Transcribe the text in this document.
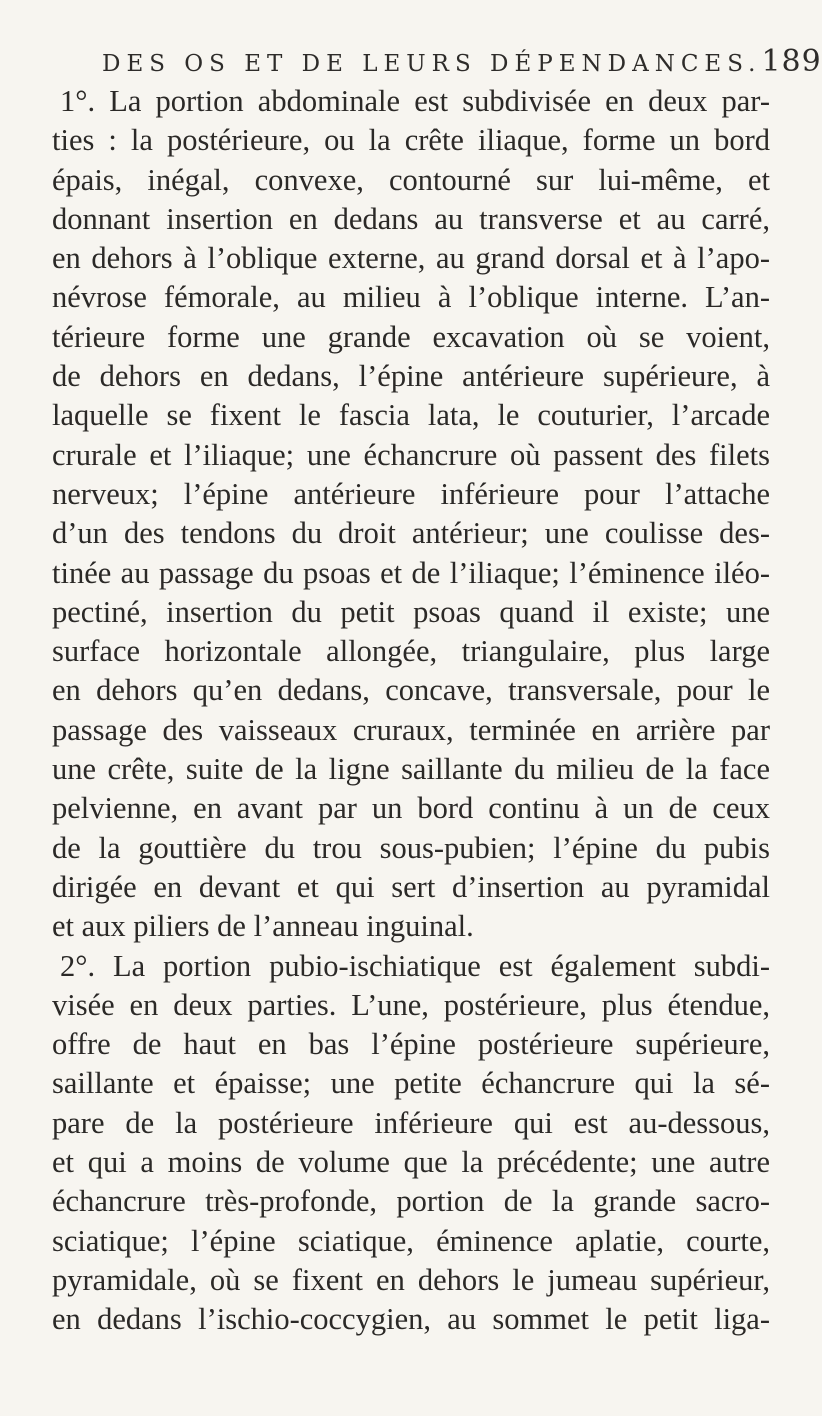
DES OS ET DE LEURS DÉPENDANCES. 189
1°. La portion abdominale est subdivisée en deux par-
ties : la postérieure, ou la crête iliaque, forme un bord
épais, inégal, convexe, contourné sur lui-même, et
donnant insertion en dedans au transverse et au carré,
en dehors à l’oblique externe, au grand dorsal et à l’apo-
névrose fémorale, au milieu à l’oblique interne. L’an-
térieure forme une grande excavation où se voient,
de dehors en dedans, l’épine antérieure supérieure, à
laquelle se fixent le fascia lata, le couturier, l’arcade
crurale et l’iliaque; une échancrure où passent des filets
nerveux; l’épine antérieure inférieure pour l’attache
d’un des tendons du droit antérieur; une coulisse des-
tinée au passage du psoas et de l’iliaque; l’éminence iléo-
pectiné, insertion du petit psoas quand il existe; une
surface horizontale allongée, triangulaire, plus large
en dehors qu’en dedans, concave, transversale, pour le
passage des vaisseaux cruraux, terminée en arrière par
une crête, suite de la ligne saillante du milieu de la face
pelvienne, en avant par un bord continu à un de ceux
de la gouttière du trou sous-pubien; l’épine du pubis
dirigée en devant et qui sert d’insertion au pyramidal
et aux piliers de l’anneau inguinal.
2°. La portion pubio-ischiatique est également subdi-
visée en deux parties. L’une, postérieure, plus étendue,
offre de haut en bas l’épine postérieure supérieure,
saillante et épaisse; une petite échancrure qui la sé-
pare de la postérieure inférieure qui est au-dessous,
et qui a moins de volume que la précédente; une autre
échancrure très-profonde, portion de la grande sacro-
sciatique; l’épine sciatique, éminence aplatie, courte,
pyramidale, où se fixent en dehors le jumeau supérieur,
en dedans l’ischio-coccygien, au sommet le petit liga-
